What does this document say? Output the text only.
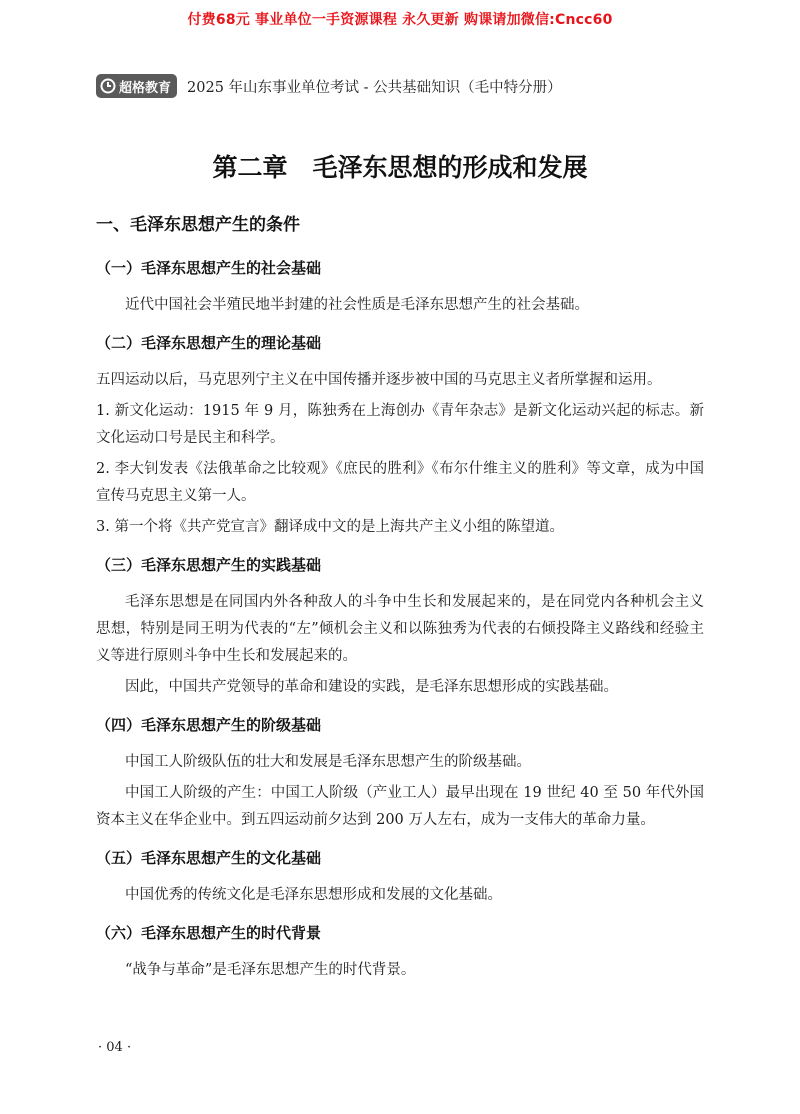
付费68元 事业单位一手资源课程 永久更新 购课请加微信:Cncc60
超格教育 2025 年山东事业单位考试 - 公共基础知识（毛中特分册）
第二章　毛泽东思想的形成和发展
一、毛泽东思想产生的条件
（一）毛泽东思想产生的社会基础
近代中国社会半殖民地半封建的社会性质是毛泽东思想产生的社会基础。
（二）毛泽东思想产生的理论基础
五四运动以后，马克思列宁主义在中国传播并逐步被中国的马克思主义者所掌握和运用。
1. 新文化运动：1915 年 9 月，陈独秀在上海创办《青年杂志》是新文化运动兴起的标志。新文化运动口号是民主和科学。
2. 李大钊发表《法俄革命之比较观》《庶民的胜利》《布尔什维主义的胜利》等文章，成为中国宣传马克思主义第一人。
3. 第一个将《共产党宣言》翻译成中文的是上海共产主义小组的陈望道。
（三）毛泽东思想产生的实践基础
毛泽东思想是在同国内外各种敌人的斗争中生长和发展起来的，是在同党内各种机会主义思想，特别是同王明为代表的“左”倾机会主义和以陈独秀为代表的右倾投降主义路线和经验主义等进行原则斗争中生长和发展起来的。
因此，中国共产党领导的革命和建设的实践，是毛泽东思想形成的实践基础。
（四）毛泽东思想产生的阶级基础
中国工人阶级队伍的壮大和发展是毛泽东思想产生的阶级基础。
中国工人阶级的产生：中国工人阶级（产业工人）最早出现在 19 世纪 40 至 50 年代外国资本主义在华企业中。到五四运动前夕达到 200 万人左右，成为一支伟大的革命力量。
（五）毛泽东思想产生的文化基础
中国优秀的传统文化是毛泽东思想形成和发展的文化基础。
（六）毛泽东思想产生的时代背景
“战争与革命”是毛泽东思想产生的时代背景。
· 04 ·
